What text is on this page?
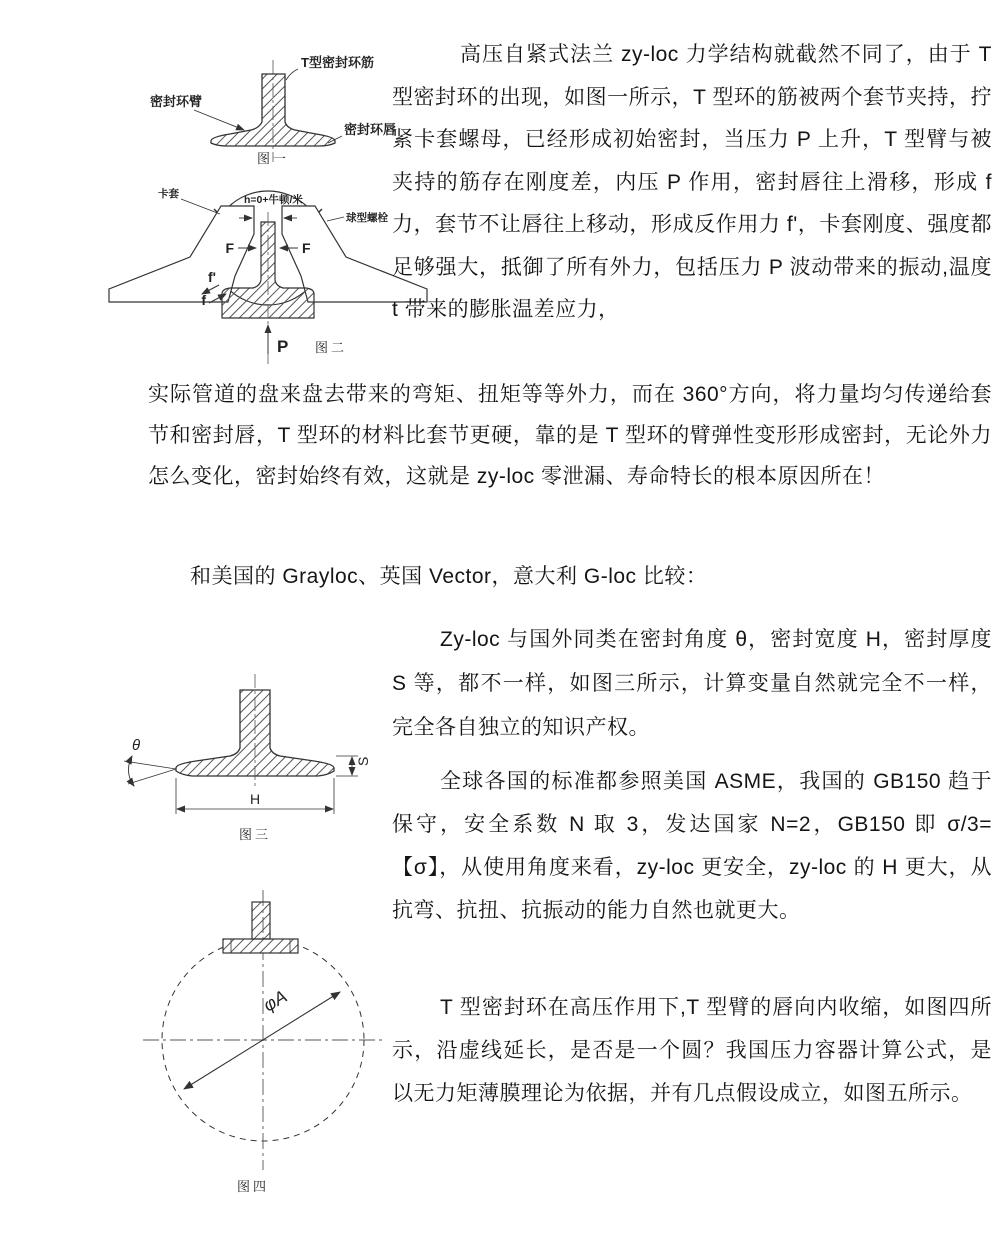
T型密封环筋
密封环臂
密封环唇
图一
h=0+牛顿/米
卡套
球型螺栓
F	F
f'
f
P 图二
θ
S
H
图三
φA
图四

高压自紧式法兰 zy-loc 力学结构就截然不同了，由于 T 型密封环的出现，如图一所示，T 型环的筋被两个套节夹持，拧紧卡套螺母，已经形成初始密封，当压力 P 上升，T 型臂与被夹持的筋存在刚度差，内压 P 作用，密封唇往上滑移，形成 f 力，套节不让唇往上移动，形成反作用力 f'，卡套刚度、强度都足够强大，抵御了所有外力，包括压力 P 波动带来的振动,温度 t 带来的膨胀温差应力，

实际管道的盘来盘去带来的弯矩、扭矩等等外力，而在 360°方向，将力量均匀传递给套节和密封唇，T 型环的材料比套节更硬，靠的是 T 型环的臂弹性变形形成密封，无论外力怎么变化，密封始终有效，这就是 zy-loc 零泄漏、寿命特长的根本原因所在！

和美国的 Grayloc、英国 Vector，意大利 G-loc 比较：

Zy-loc 与国外同类在密封角度 θ，密封宽度 H，密封厚度 S 等，都不一样，如图三所示，计算变量自然就完全不一样，完全各自独立的知识产权。

全球各国的标准都参照美国 ASME，我国的 GB150 趋于保守，安全系数 N 取 3，发达国家 N=2，GB150 即 σ/3=【σ】，从使用角度来看，zy-loc 更安全，zy-loc 的 H 更大，从抗弯、抗扭、抗振动的能力自然也就更大。

T 型密封环在高压作用下,T 型臂的唇向内收缩，如图四所示，沿虚线延长，是否是一个圆？我国压力容器计算公式，是以无力矩薄膜理论为依据，并有几点假设成立，如图五所示。
